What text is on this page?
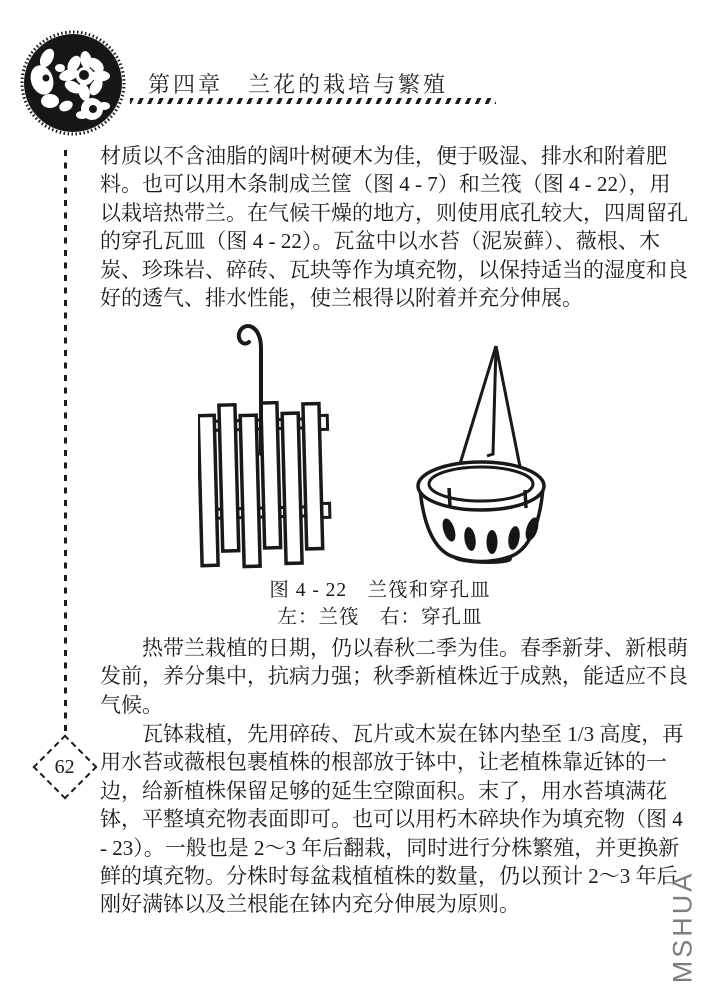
第四章　兰花的栽培与繁殖
材质以不含油脂的阔叶树硬木为佳，便于吸湿、排水和附着肥
料。也可以用木条制成兰筐（图 4 - 7）和兰筏（图 4 - 22），用
以栽培热带兰。在气候干燥的地方，则使用底孔较大，四周留孔
的穿孔瓦皿（图 4 - 22）。瓦盆中以水苔（泥炭藓）、薇根、木
炭、珍珠岩、碎砖、瓦块等作为填充物，以保持适当的湿度和良
好的透气、排水性能，使兰根得以附着并充分伸展。
图 4 - 22　兰筏和穿孔皿
左：兰筏　右：穿孔皿
热带兰栽植的日期，仍以春秋二季为佳。春季新芽、新根萌
发前，养分集中，抗病力强；秋季新植株近于成熟，能适应不良
气候。
瓦钵栽植，先用碎砖、瓦片或木炭在钵内垫至 1/3 高度，再
用水苔或薇根包裹植株的根部放于钵中，让老植株靠近钵的一
边，给新植株保留足够的延生空隙面积。末了，用水苔填满花
钵，平整填充物表面即可。也可以用朽木碎块作为填充物（图 4
- 23）。一般也是 2～3 年后翻栽，同时进行分株繁殖，并更换新
鲜的填充物。分株时每盆栽植植株的数量，仍以预计 2～3 年后
刚好满钵以及兰根能在钵内充分伸展为原则。
62
MSHUA
